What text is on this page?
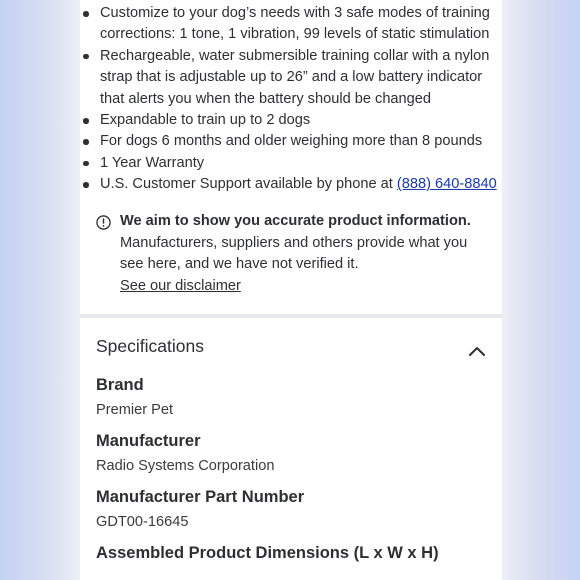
Customize to your dog’s needs with 3 safe modes of training corrections: 1 tone, 1 vibration, 99 levels of static stimulation
Rechargeable, water submersible training collar with a nylon strap that is adjustable up to 26” and a low battery indicator that alerts you when the battery should be changed
Expandable to train up to 2 dogs
For dogs 6 months and older weighing more than 8 pounds
1 Year Warranty
U.S. Customer Support available by phone at (888) 640-8840
We aim to show you accurate product information.
Manufacturers, suppliers and others provide what you see here, and we have not verified it.
See our disclaimer
Specifications
Brand
Premier Pet
Manufacturer
Radio Systems Corporation
Manufacturer Part Number
GDT00-16645
Assembled Product Dimensions (L x W x H)
